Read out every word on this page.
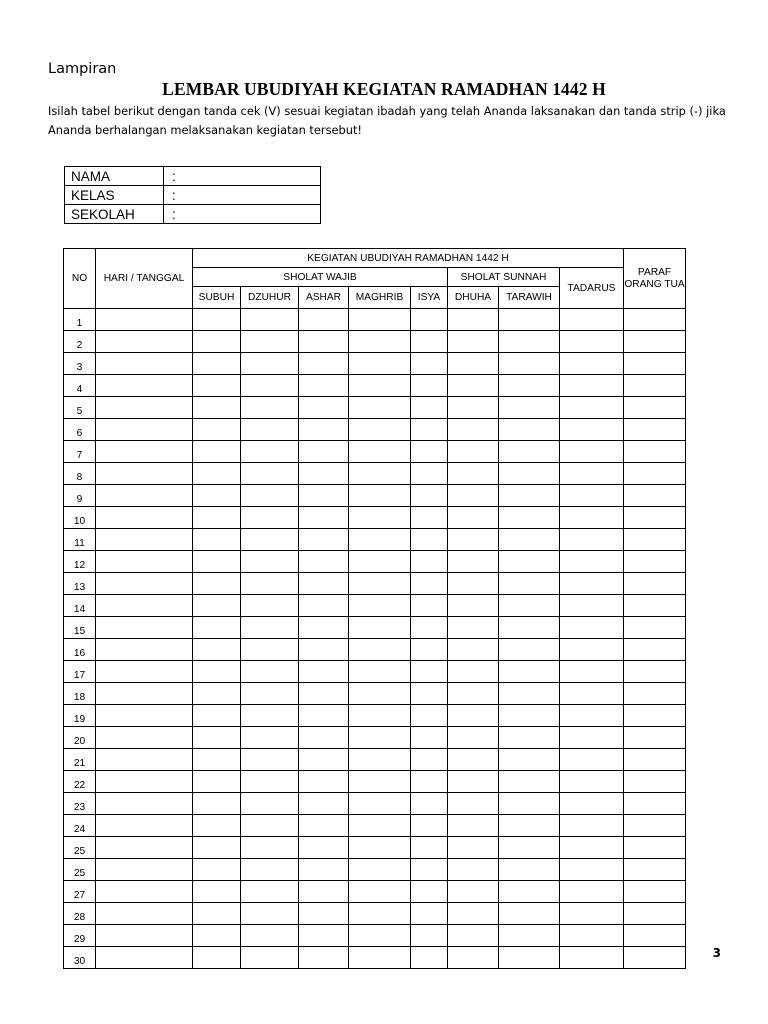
Lampiran
LEMBAR UBUDIYAH KEGIATAN RAMADHAN 1442 H
Isilah tabel berikut dengan tanda cek (V) sesuai kegiatan ibadah yang telah Ananda laksanakan dan tanda strip (-) jika Ananda berhalangan melaksanakan kegiatan tersebut!
NAMA	:
KELAS	:
SEKOLAH	:
NO	HARI / TANGGAL	KEGIATAN UBUDIYAH RAMADHAN 1442 H								PARAF ORANG TUA
		SHOLAT WAJIB					SHOLAT SUNNAH		TADARUS	
		SUBUH	DZUHUR	ASHAR	MAGHRIB	ISYA	DHUHA	TARAWIH		
1										
2										
3										
4										
5										
6										
7										
8										
9										
10										
11										
12										
13										
14										
15										
16										
17										
18										
19										
20										
21										
22										
23										
24										
25										
25										
27										
28										
29										
30										
3
